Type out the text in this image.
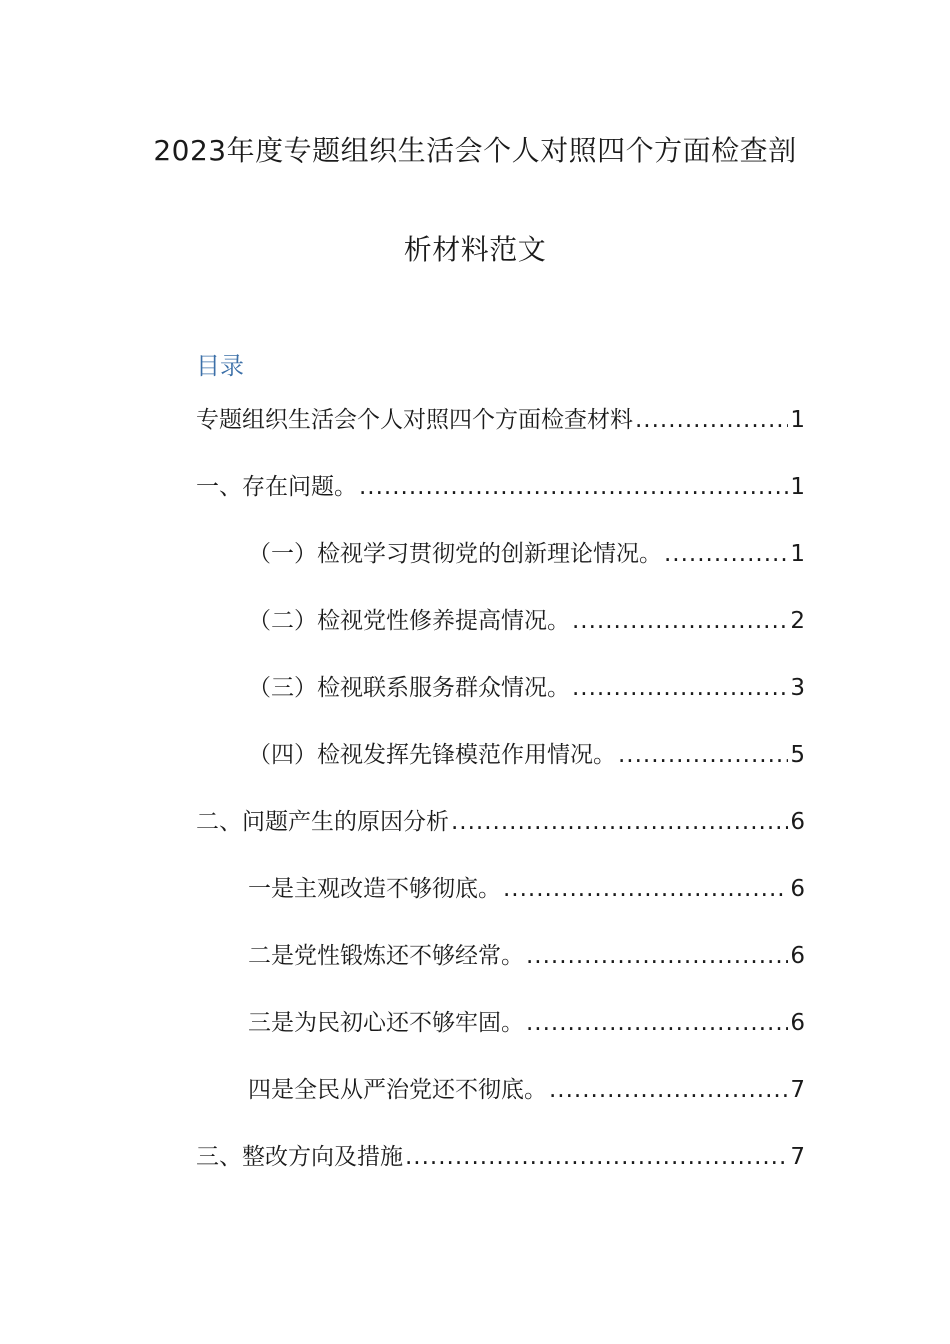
2023年度专题组织生活会个人对照四个方面检查剖
析材料范文
目录
专题组织生活会个人对照四个方面检查材料 .....	1
一、存在问题。 .....	1
（一）检视学习贯彻党的创新理论情况。 .....	1
（二）检视党性修养提高情况。 .....	2
（三）检视联系服务群众情况。 .....	3
（四）检视发挥先锋模范作用情况。 .....	5
二、问题产生的原因分析 .....	6
一是主观改造不够彻底。 .....	6
二是党性锻炼还不够经常。 .....	6
三是为民初心还不够牢固。 .....	6
四是全民从严治党还不彻底。 .....	7
三、整改方向及措施 .....	7
